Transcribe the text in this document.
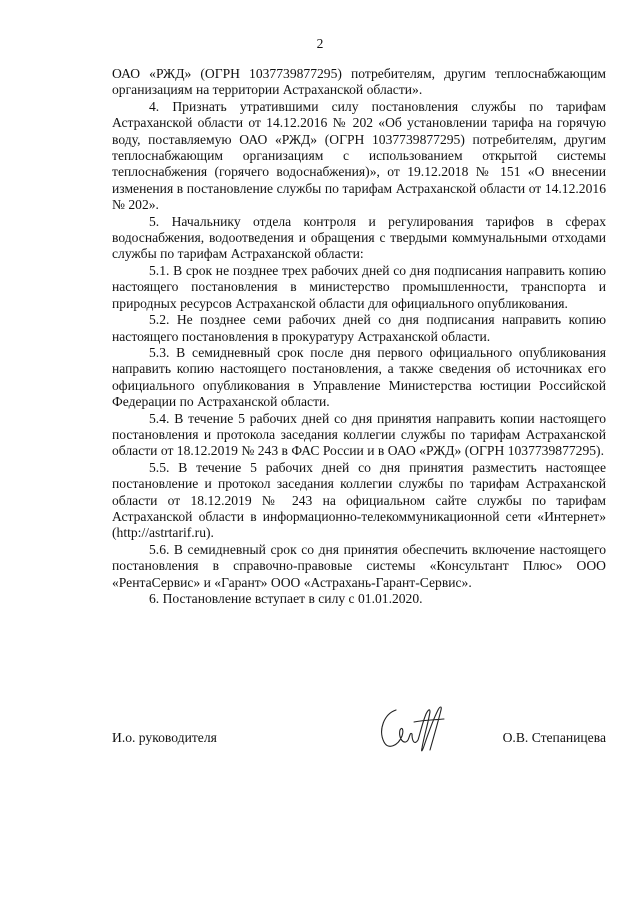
2

ОАО «РЖД» (ОГРН 1037739877295) потребителям, другим теплоснабжающим организациям на территории Астраханской области».

4. Признать утратившими силу постановления службы по тарифам Астраханской области от 14.12.2016 № 202 «Об установлении тарифа на горячую воду, поставляемую ОАО «РЖД» (ОГРН 1037739877295) потребителям, другим теплоснабжающим организациям с использованием открытой системы теплоснабжения (горячего водоснабжения)», от 19.12.2018 № 151 «О внесении изменения в постановление службы по тарифам Астраханской области от 14.12.2016 № 202».

5. Начальнику отдела контроля и регулирования тарифов в сферах водоснабжения, водоотведения и обращения с твердыми коммунальными отходами службы по тарифам Астраханской области:

5.1. В срок не позднее трех рабочих дней со дня подписания направить копию настоящего постановления в министерство промышленности, транспорта и природных ресурсов Астраханской области для официального опубликования.

5.2. Не позднее семи рабочих дней со дня подписания направить копию настоящего постановления в прокуратуру Астраханской области.

5.3. В семидневный срок после дня первого официального опубликования направить копию настоящего постановления, а также сведения об источниках его официального опубликования в Управление Министерства юстиции Российской Федерации по Астраханской области.

5.4. В течение 5 рабочих дней со дня принятия направить копии настоящего постановления и протокола заседания коллегии службы по тарифам Астраханской области от 18.12.2019 № 243 в ФАС России и в ОАО «РЖД» (ОГРН 1037739877295).

5.5. В течение 5 рабочих дней со дня принятия разместить настоящее постановление и протокол заседания коллегии службы по тарифам Астраханской области от 18.12.2019 № 243 на официальном сайте службы по тарифам Астраханской области в информационно-телекоммуникационной сети «Интернет» (http://astrtarif.ru).

5.6. В семидневный срок со дня принятия обеспечить включение настоящего постановления в справочно-правовые системы «Консультант Плюс» ООО «РентаСервис» и «Гарант» ООО «Астрахань-Гарант-Сервис».

6. Постановление вступает в силу с 01.01.2020.

И.о. руководителя	О.В. Степаницева
